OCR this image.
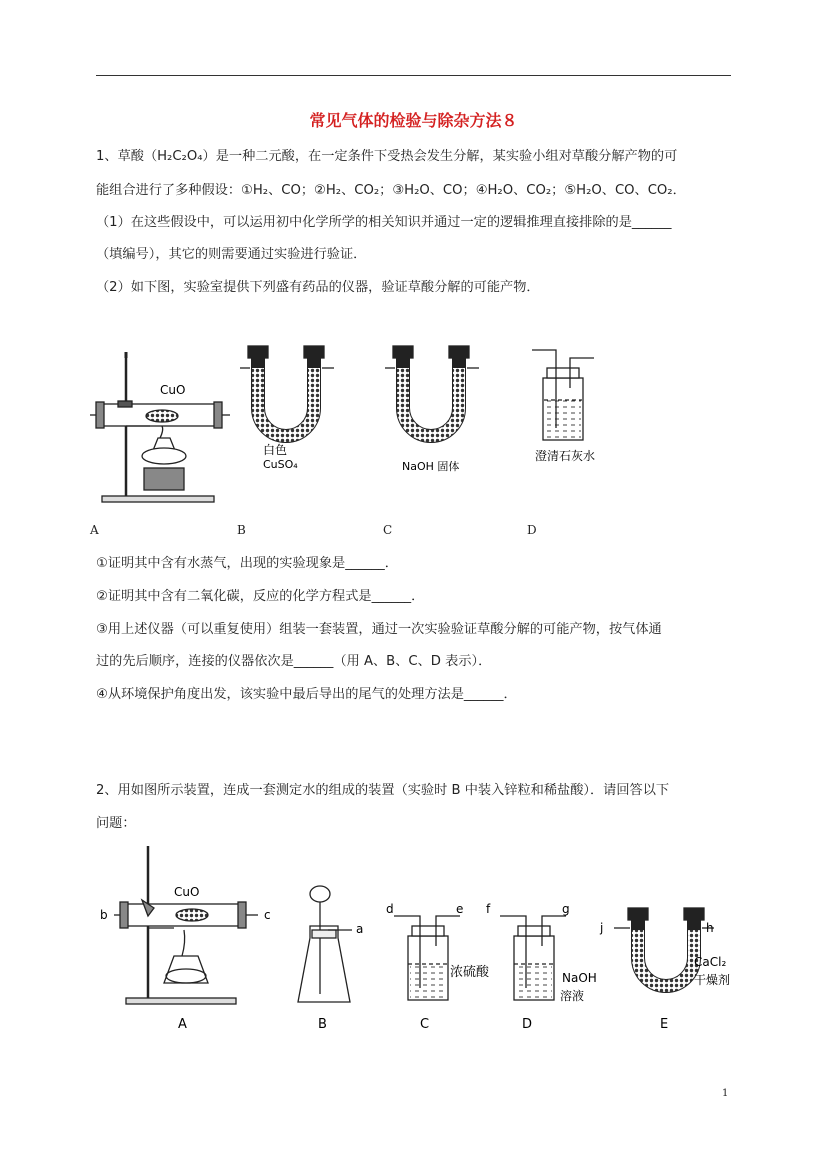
常见气体的检验与除杂方法８
1、草酸（H₂C₂O₄）是一种二元酸，在一定条件下受热会发生分解，某实验小组对草酸分解产物的可
能组合进行了多种假设：①H₂、CO；②H₂、CO₂；③H₂O、CO；④H₂O、CO₂；⑤H₂O、CO、CO₂．
（1）在这些假设中，可以运用初中化学所学的相关知识并通过一定的逻辑推理直接排除的是______
（填编号），其它的则需要通过实验进行验证．
（2）如下图，实验室提供下列盛有药品的仪器，验证草酸分解的可能产物．
CuO
白色
CuSO₄	NaOH 固体
澄清石灰水
A	B	C	D
①证明其中含有水蒸气，出现的实验现象是______．
②证明其中含有二氧化碳，反应的化学方程式是______．
③用上述仪器（可以重复使用）组装一套装置，通过一次实验验证草酸分解的可能产物，按气体通
过的先后顺序，连接的仪器依次是______（用 A、B、C、D 表示）．
④从环境保护角度出发，该实验中最后导出的尾气的处理方法是______．
2、用如图所示装置，连成一套测定水的组成的装置（实验时 B 中装入锌粒和稀盐酸）．请回答以下
问题：
CuO
b	c
a
d	e
浓硫酸
f	g
NaOH
溶液
j	h
CaCl₂
干燥剂
A	B	C	D	E
1
